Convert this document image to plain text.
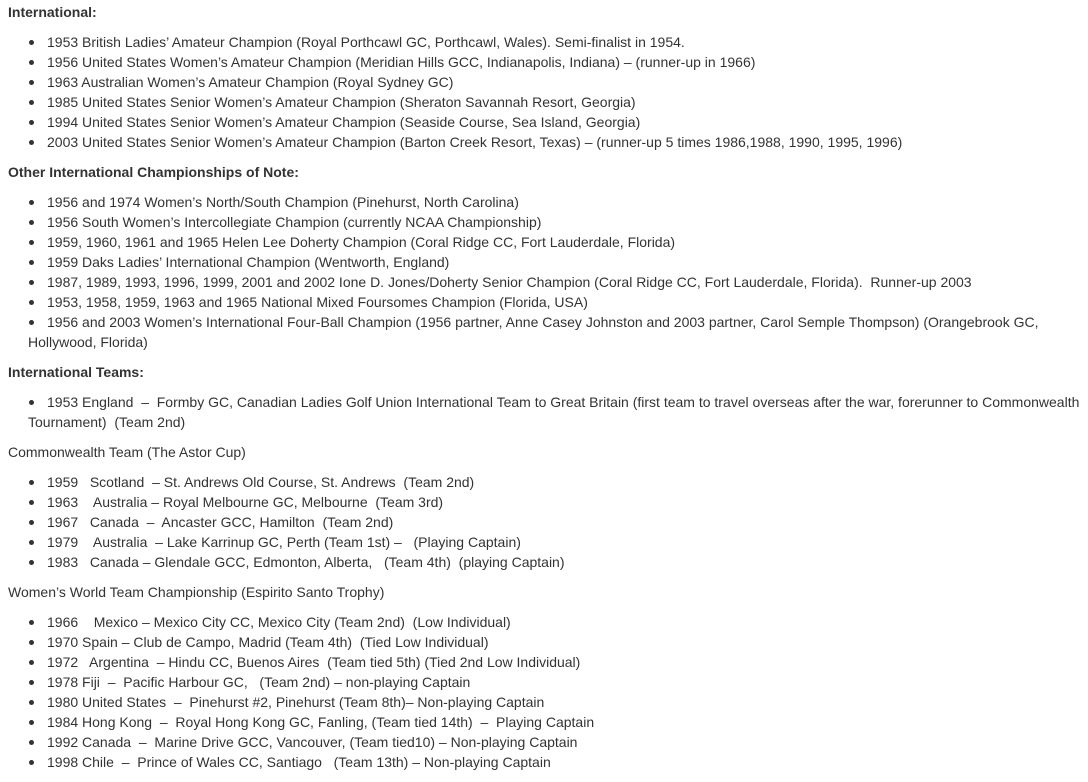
International:
1953 British Ladies’ Amateur Champion (Royal Porthcawl GC, Porthcawl, Wales). Semi-finalist in 1954.
1956 United States Women’s Amateur Champion (Meridian Hills GCC, Indianapolis, Indiana) – (runner-up in 1966)
1963 Australian Women’s Amateur Champion (Royal Sydney GC)
1985 United States Senior Women’s Amateur Champion (Sheraton Savannah Resort, Georgia)
1994 United States Senior Women’s Amateur Champion (Seaside Course, Sea Island, Georgia)
2003 United States Senior Women’s Amateur Champion (Barton Creek Resort, Texas) – (runner-up 5 times 1986,1988, 1990, 1995, 1996)
Other International Championships of Note:
1956 and 1974 Women’s North/South Champion (Pinehurst, North Carolina)
1956 South Women’s Intercollegiate Champion (currently NCAA Championship)
1959, 1960, 1961 and 1965 Helen Lee Doherty Champion (Coral Ridge CC, Fort Lauderdale, Florida)
1959 Daks Ladies’ International Champion (Wentworth, England)
1987, 1989, 1993, 1996, 1999, 2001 and 2002 Ione D. Jones/Doherty Senior Champion (Coral Ridge CC, Fort Lauderdale, Florida).  Runner-up 2003
1953, 1958, 1959, 1963 and 1965 National Mixed Foursomes Champion (Florida, USA)
1956 and 2003 Women’s International Four-Ball Champion (1956 partner, Anne Casey Johnston and 2003 partner, Carol Semple Thompson) (Orangebrook GC, Hollywood, Florida)
International Teams:
1953 England  –  Formby GC, Canadian Ladies Golf Union International Team to Great Britain (first team to travel overseas after the war, forerunner to Commonwealth Tournament)  (Team 2nd)
Commonwealth Team (The Astor Cup)
1959   Scotland  – St. Andrews Old Course, St. Andrews  (Team 2nd)
1963    Australia – Royal Melbourne GC, Melbourne  (Team 3rd)
1967   Canada  –  Ancaster GCC, Hamilton  (Team 2nd)
1979    Australia  – Lake Karrinup GC, Perth (Team 1st) –   (Playing Captain)
1983   Canada – Glendale GCC, Edmonton, Alberta,   (Team 4th)  (playing Captain)
Women’s World Team Championship (Espirito Santo Trophy)
1966    Mexico – Mexico City CC, Mexico City (Team 2nd)  (Low Individual)
1970 Spain – Club de Campo, Madrid (Team 4th)  (Tied Low Individual)
1972   Argentina  – Hindu CC, Buenos Aires  (Team tied 5th) (Tied 2nd Low Individual)
1978 Fiji  –  Pacific Harbour GC,   (Team 2nd) – non-playing Captain
1980 United States  –  Pinehurst #2, Pinehurst (Team 8th)– Non-playing Captain
1984 Hong Kong  –  Royal Hong Kong GC, Fanling, (Team tied 14th)  –  Playing Captain
1992 Canada  –  Marine Drive GCC, Vancouver, (Team tied10) – Non-playing Captain
1998 Chile  –  Prince of Wales CC, Santiago   (Team 13th) – Non-playing Captain
